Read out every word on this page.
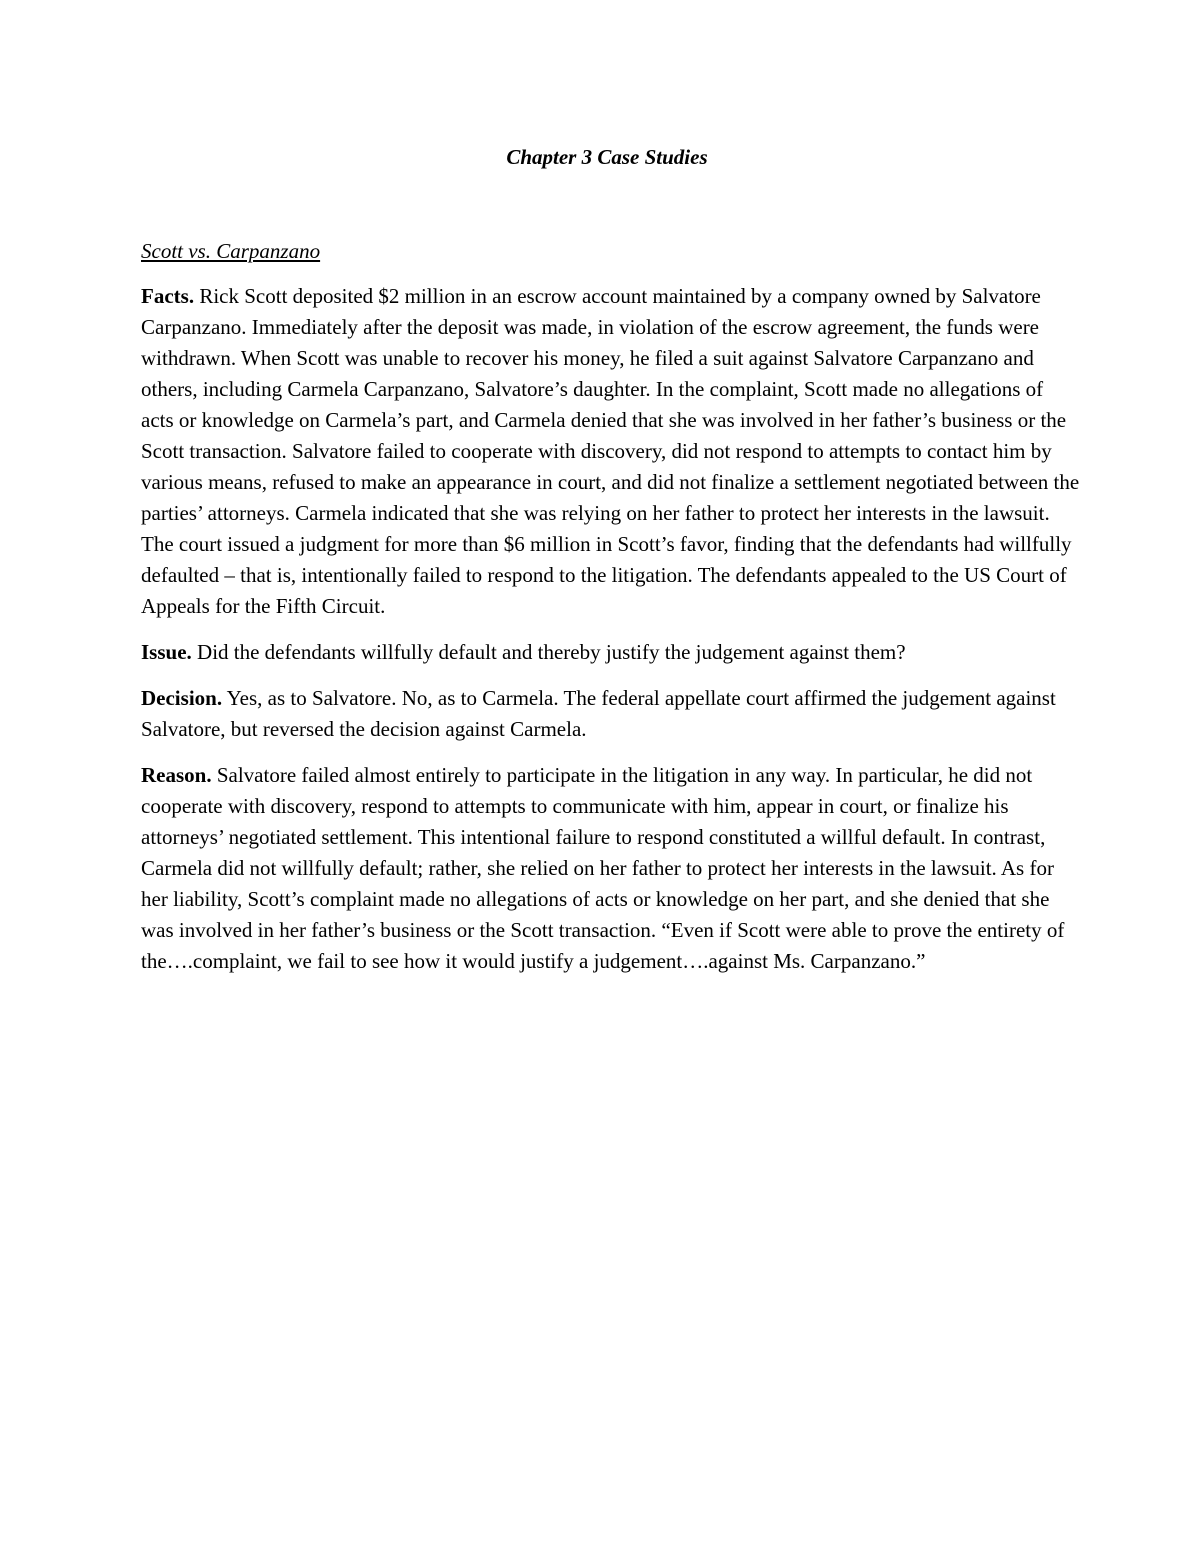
Chapter 3 Case Studies

Scott vs. Carpanzano

Facts. Rick Scott deposited $2 million in an escrow account maintained by a company owned by Salvatore Carpanzano. Immediately after the deposit was made, in violation of the escrow agreement, the funds were withdrawn. When Scott was unable to recover his money, he filed a suit against Salvatore Carpanzano and others, including Carmela Carpanzano, Salvatore’s daughter. In the complaint, Scott made no allegations of acts or knowledge on Carmela’s part, and Carmela denied that she was involved in her father’s business or the Scott transaction. Salvatore failed to cooperate with discovery, did not respond to attempts to contact him by various means, refused to make an appearance in court, and did not finalize a settlement negotiated between the parties’ attorneys. Carmela indicated that she was relying on her father to protect her interests in the lawsuit. The court issued a judgment for more than $6 million in Scott’s favor, finding that the defendants had willfully defaulted – that is, intentionally failed to respond to the litigation. The defendants appealed to the US Court of Appeals for the Fifth Circuit.

Issue. Did the defendants willfully default and thereby justify the judgement against them?

Decision. Yes, as to Salvatore. No, as to Carmela. The federal appellate court affirmed the judgement against Salvatore, but reversed the decision against Carmela.

Reason. Salvatore failed almost entirely to participate in the litigation in any way. In particular, he did not cooperate with discovery, respond to attempts to communicate with him, appear in court, or finalize his attorneys’ negotiated settlement. This intentional failure to respond constituted a willful default. In contrast, Carmela did not willfully default; rather, she relied on her father to protect her interests in the lawsuit. As for her liability, Scott’s complaint made no allegations of acts or knowledge on her part, and she denied that she was involved in her father’s business or the Scott transaction. “Even if Scott were able to prove the entirety of the….complaint, we fail to see how it would justify a judgement….against Ms. Carpanzano.”
